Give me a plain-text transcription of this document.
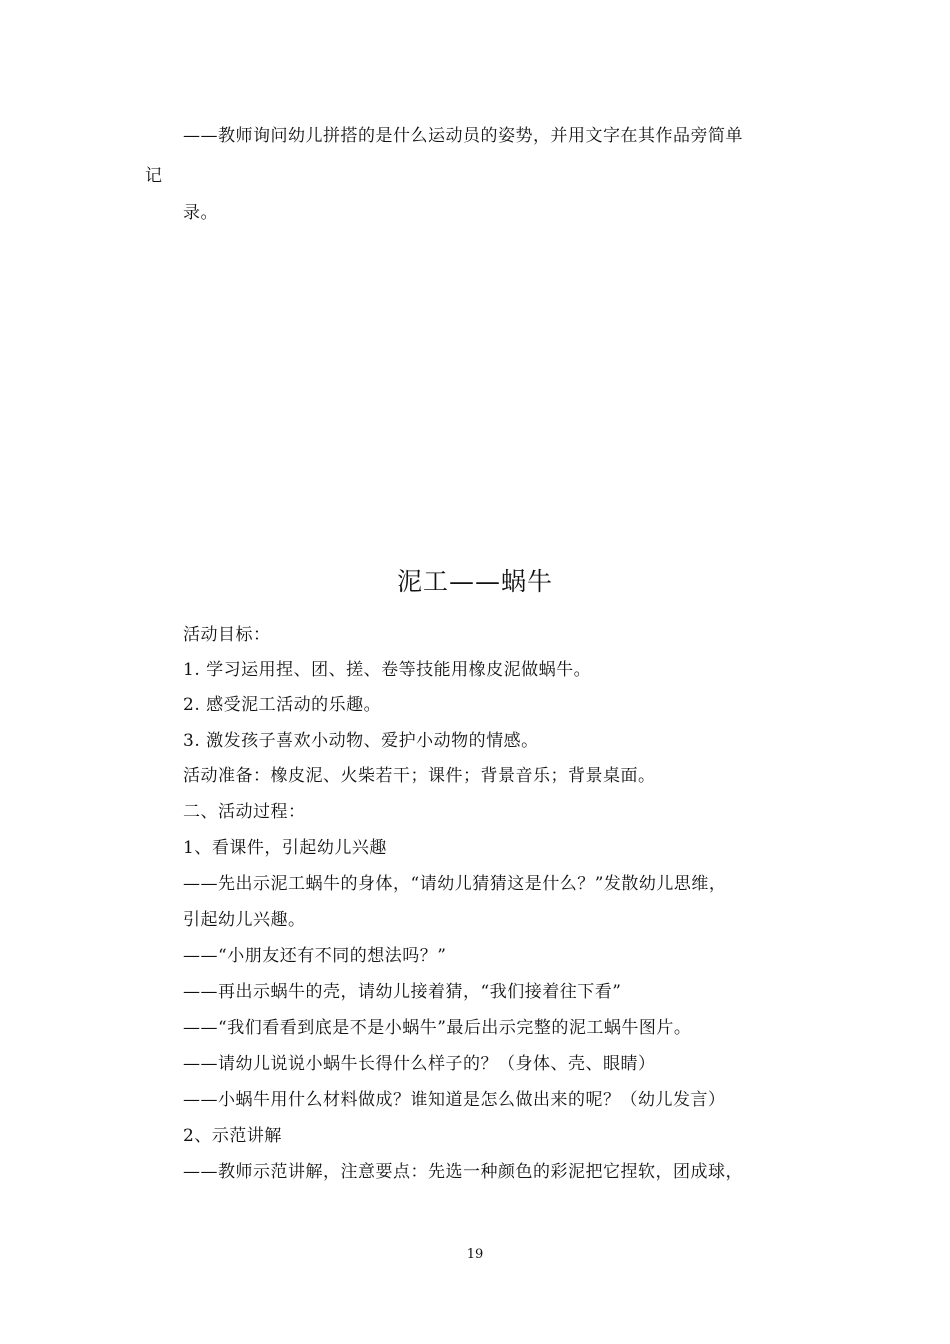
——教师询问幼儿拼搭的是什么运动员的姿势，并用文字在其作品旁简单
记
录。
泥工——蜗牛
活动目标：
1. 学习运用捏、团、搓、卷等技能用橡皮泥做蜗牛。
2. 感受泥工活动的乐趣。
3. 激发孩子喜欢小动物、爱护小动物的情感。
活动准备：橡皮泥、火柴若干；课件；背景音乐；背景桌面。
二、活动过程：
1、看课件，引起幼儿兴趣
——先出示泥工蜗牛的身体，“请幼儿猜猜这是什么？”发散幼儿思维，
引起幼儿兴趣。
——“小朋友还有不同的想法吗？”
——再出示蜗牛的壳，请幼儿接着猜，“我们接着往下看”
——“我们看看到底是不是小蜗牛”最后出示完整的泥工蜗牛图片。
——请幼儿说说小蜗牛长得什么样子的？（身体、壳、眼睛）
——小蜗牛用什么材料做成？谁知道是怎么做出来的呢？（幼儿发言）
2、示范讲解
——教师示范讲解，注意要点：先选一种颜色的彩泥把它捏软，团成球，
19
